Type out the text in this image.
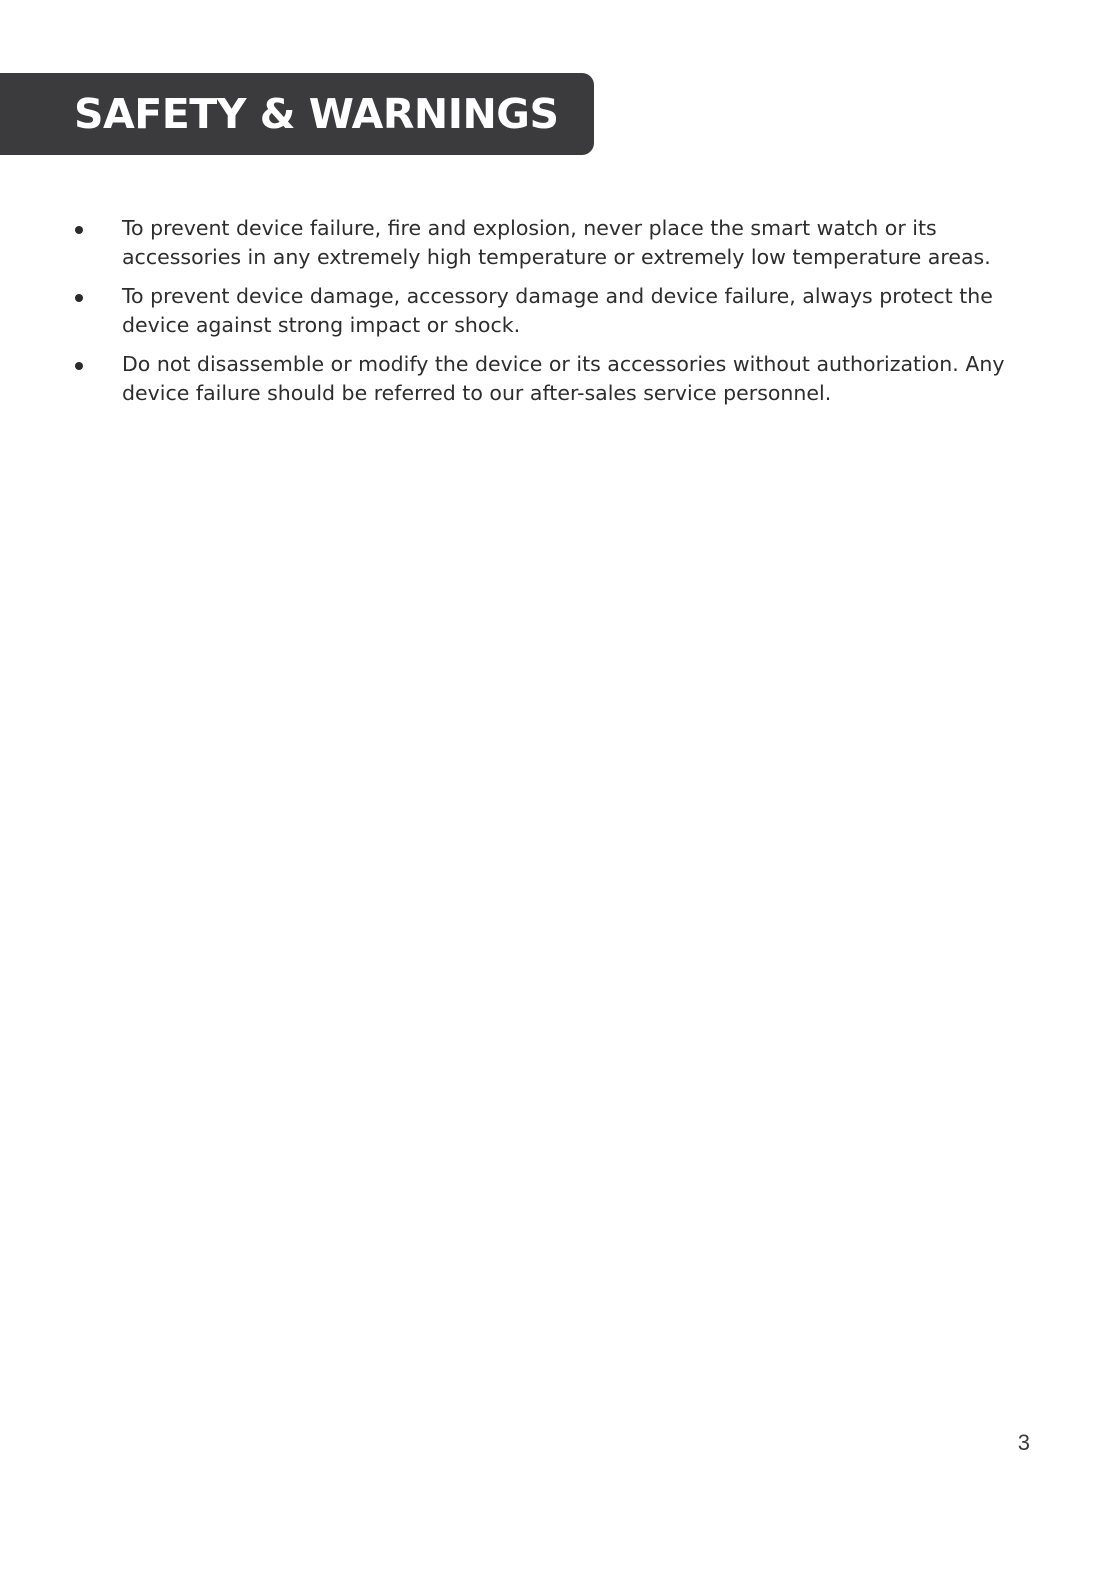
SAFETY & WARNINGS
To prevent device failure, fire and explosion, never place the smart watch or its accessories in any extremely high temperature or extremely low temperature areas.
To prevent device damage, accessory damage and device failure, always protect the device against strong impact or shock.
Do not disassemble or modify the device or its accessories without authorization. Any device failure should be referred to our after-sales service personnel.
3
